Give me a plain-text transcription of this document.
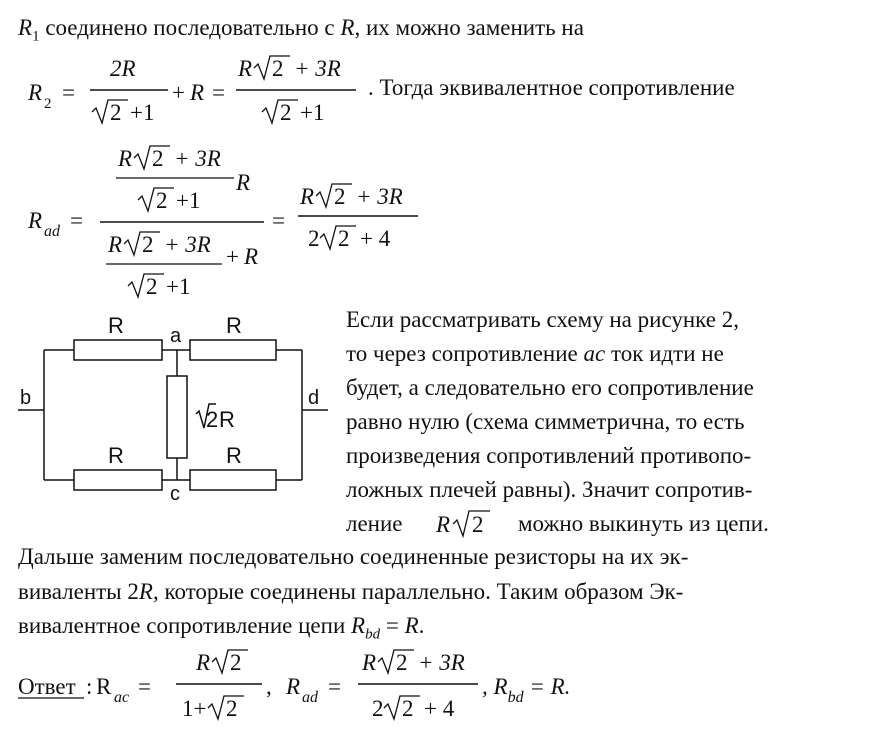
$R_1$ соединено последовательно с R, их можно заменить на
. Тогда эквивалентное сопротивление
R 2 =
2R
2 +1
+ R =
R 2 + 3R
2 +1
R ad =
R 2 + 3R
2 +1
R
R 2 + 3R
2 +1
+ R
=
R 2 + 3R
2 2 + 4
R	R
R	R
2 R
a
b
c
d
Если рассматривать схему на рисунке 2,
то через сопротивление ac ток идти не
будет, а следовательно его сопротивление
равно нулю (схема симметрична, то есть
произведения сопротивлений противопо-
ложных плечей равны). Значит сопротив-
ление R 2 можно выкинуть из цепи.
Дальше заменим последовательно соединенные резисторы на их эк-
виваленты 2R, которые соединены параллельно. Таким образом Эк-
вивалентное сопротивление цепи $R_{bd} = R$.
Ответ : R ac =
R 2
1+ 2
, R ad =
R 2 + 3R
2 2 + 4
, $R_{bd} = R$.
